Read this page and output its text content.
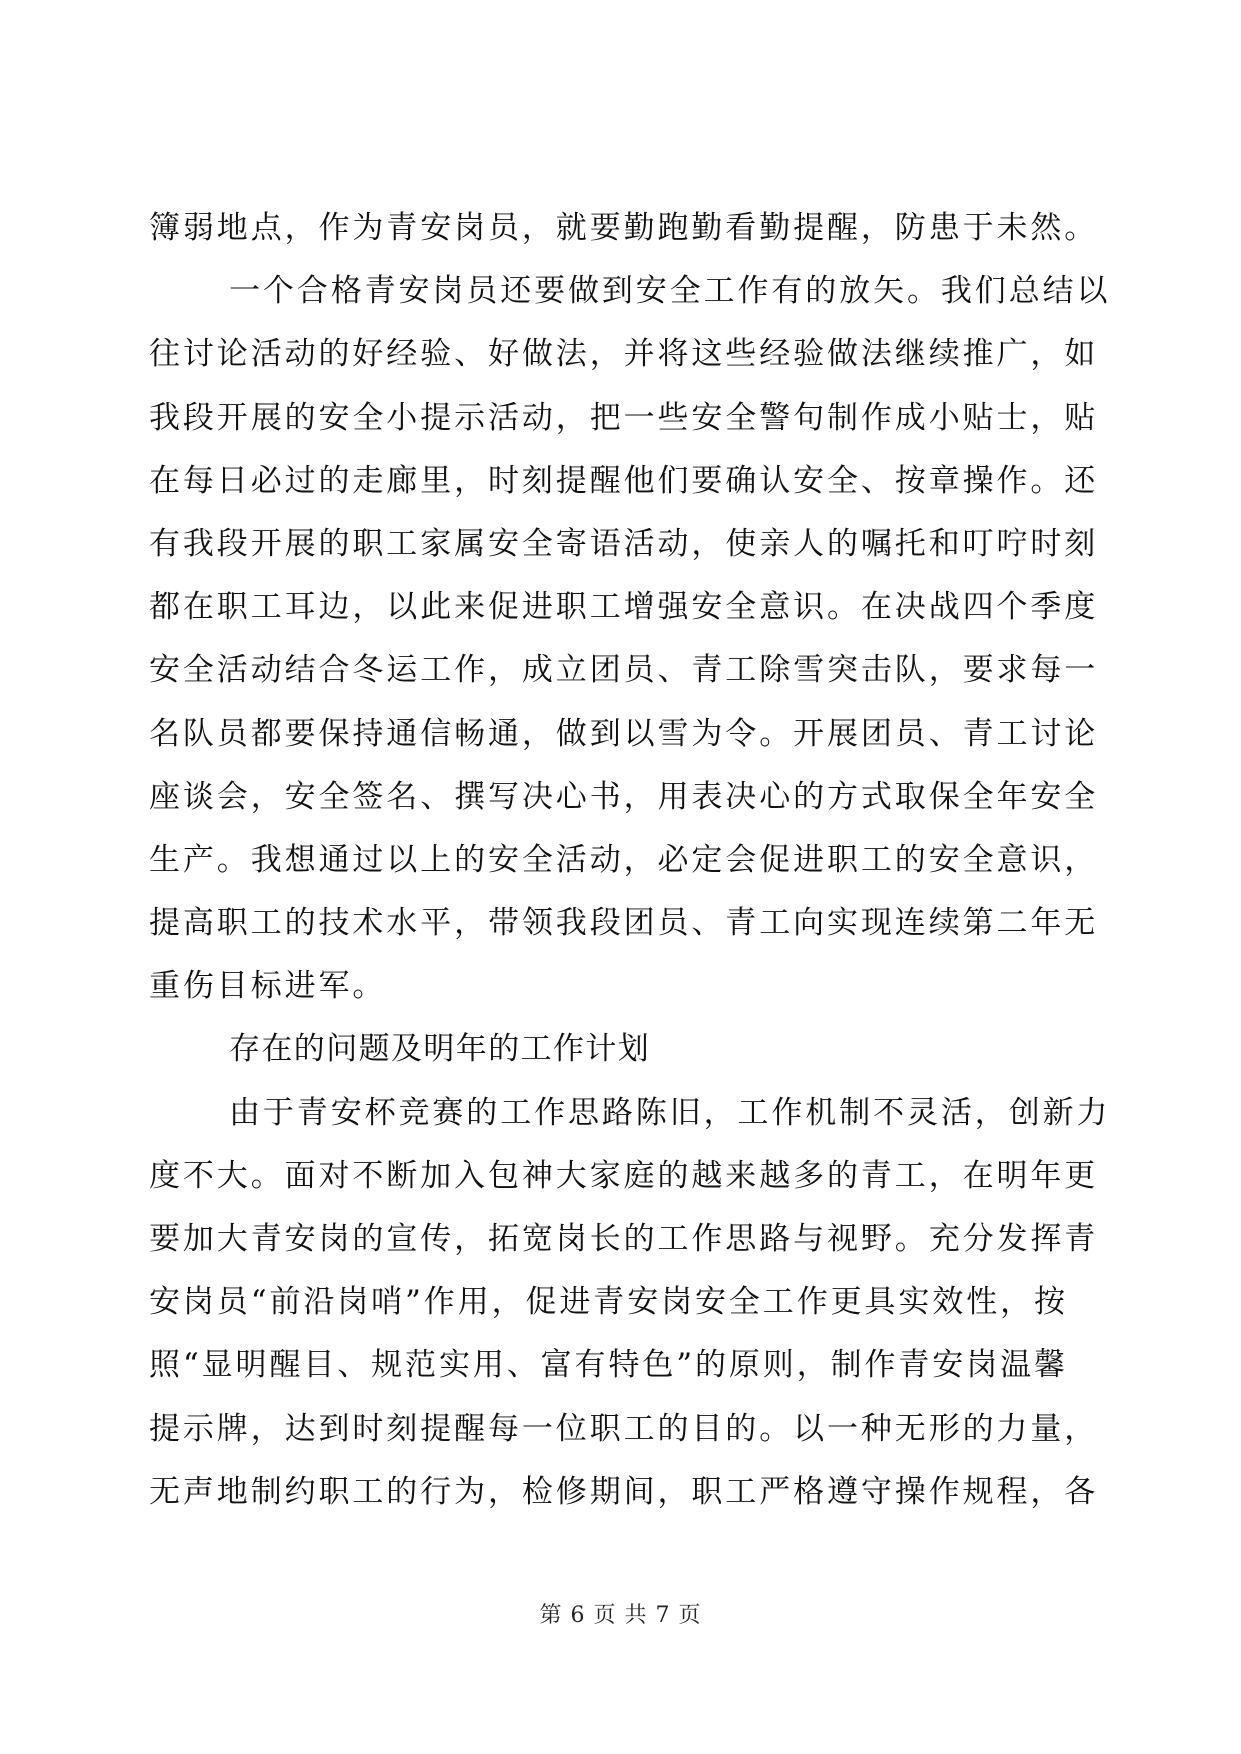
簿弱地点，作为青安岗员，就要勤跑勤看勤提醒，防患于未然。
一个合格青安岗员还要做到安全工作有的放矢。我们总结以
往讨论活动的好经验、好做法，并将这些经验做法继续推广，如
我段开展的安全小提示活动，把一些安全警句制作成小贴士，贴
在每日必过的走廊里，时刻提醒他们要确认安全、按章操作。还
有我段开展的职工家属安全寄语活动，使亲人的嘱托和叮咛时刻
都在职工耳边，以此来促进职工增强安全意识。在决战四个季度
安全活动结合冬运工作，成立团员、青工除雪突击队，要求每一
名队员都要保持通信畅通，做到以雪为令。开展团员、青工讨论
座谈会，安全签名、撰写决心书，用表决心的方式取保全年安全
生产。我想通过以上的安全活动，必定会促进职工的安全意识，
提高职工的技术水平，带领我段团员、青工向实现连续第二年无
重伤目标进军。
存在的问题及明年的工作计划
由于青安杯竞赛的工作思路陈旧，工作机制不灵活，创新力
度不大。面对不断加入包神大家庭的越来越多的青工，在明年更
要加大青安岗的宣传，拓宽岗长的工作思路与视野。充分发挥青
安岗员“前沿岗哨”作用，促进青安岗安全工作更具实效性，按
照“显明醒目、规范实用、富有特色”的原则，制作青安岗温馨
提示牌，达到时刻提醒每一位职工的目的。以一种无形的力量，
无声地制约职工的行为，检修期间，职工严格遵守操作规程，各
第 6 页 共 7 页
